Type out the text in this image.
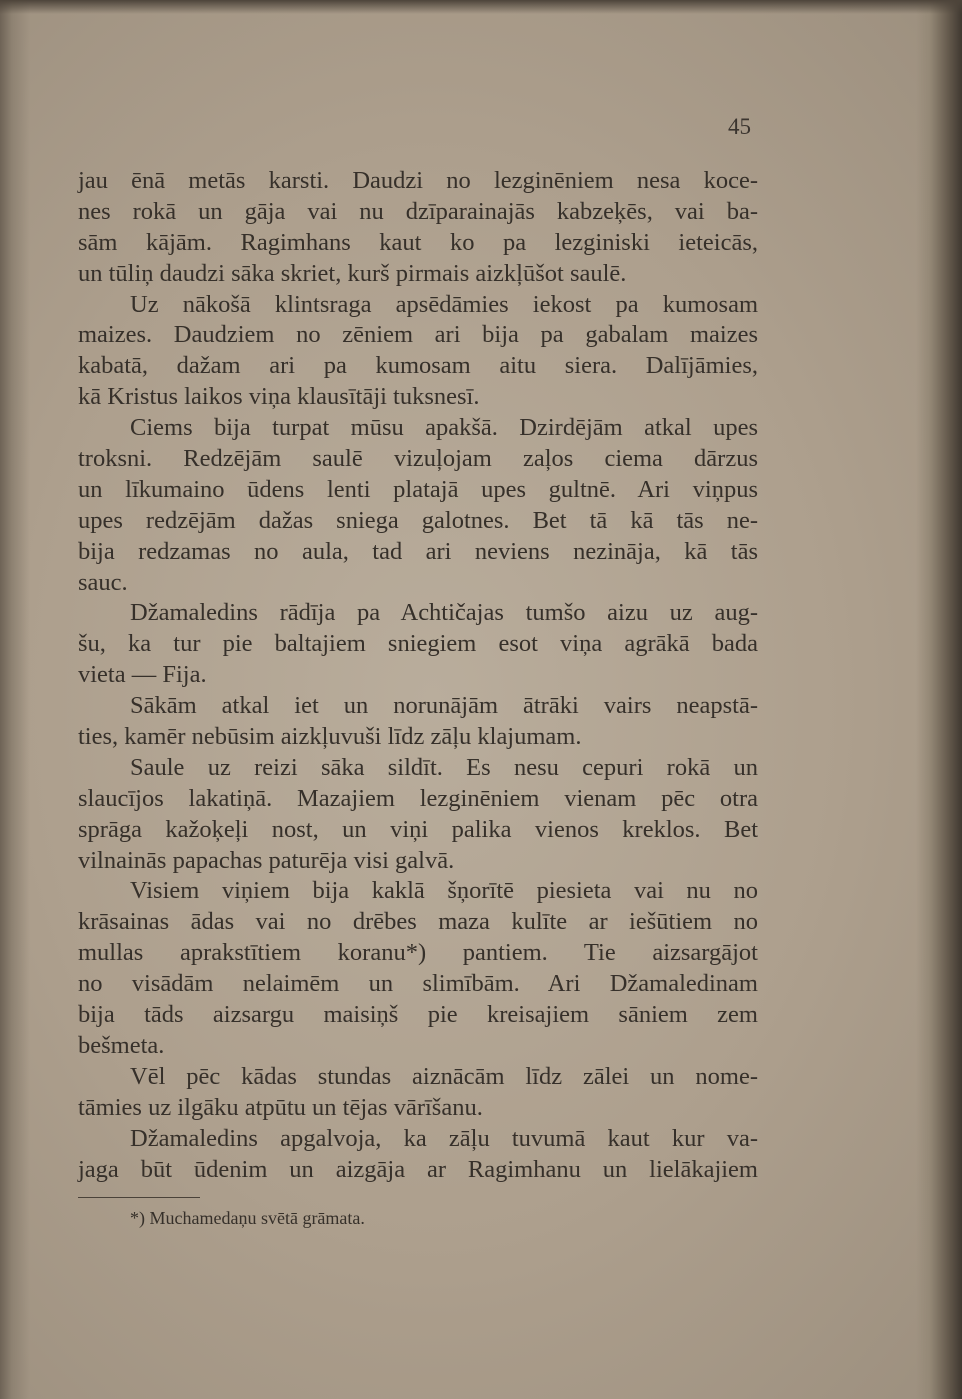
45
jau ēnā metās karsti. Daudzi no lezginēniem nesa koce-
nes rokā un gāja vai nu dzīparainajās kabzeķēs, vai ba-
sām kājām. Ragimhans kaut ko pa lezginiski ieteicās,
un tūliņ daudzi sāka skriet, kurš pirmais aizkļūšot saulē.
Uz nākošā klintsraga apsēdāmies iekost pa kumosam
maizes. Daudziem no zēniem ari bija pa gabalam maizes
kabatā, dažam ari pa kumosam aitu siera. Dalījāmies,
kā Kristus laikos viņa klausītāji tuksnesī.
Ciems bija turpat mūsu apakšā. Dzirdējām atkal upes
troksni. Redzējām saulē vizuļojam zaļos ciema dārzus
un līkumaino ūdens lenti platajā upes gultnē. Ari viņpus
upes redzējām dažas sniega galotnes. Bet tā kā tās ne-
bija redzamas no aula, tad ari neviens nezināja, kā tās
sauc.
Džamaledins rādīja pa Achtičajas tumšo aizu uz aug-
šu, ka tur pie baltajiem sniegiem esot viņa agrākā bada
vieta — Fija.
Sākām atkal iet un norunājām ātrāki vairs neapstā-
ties, kamēr nebūsim aizkļuvuši līdz zāļu klajumam.
Saule uz reizi sāka sildīt. Es nesu cepuri rokā un
slaucījos lakatiņā. Mazajiem lezginēniem vienam pēc otra
sprāga kažoķeļi nost, un viņi palika vienos kreklos. Bet
vilnainās papachas paturēja visi galvā.
Visiem viņiem bija kaklā šņorītē piesieta vai nu no
krāsainas ādas vai no drēbes maza kulīte ar iešūtiem no
mullas aprakstītiem koranu*) pantiem. Tie aizsargājot
no visādām nelaimēm un slimībām. Ari Džamaledinam
bija tāds aizsargu maisiņš pie kreisajiem sāniem zem
bešmeta.
Vēl pēc kādas stundas aiznācām līdz zālei un nome-
tāmies uz ilgāku atpūtu un tējas vārīšanu.
Džamaledins apgalvoja, ka zāļu tuvumā kaut kur va-
jaga būt ūdenim un aizgāja ar Ragimhanu un lielākajiem
*) Muchamedaņu svētā grāmata.
